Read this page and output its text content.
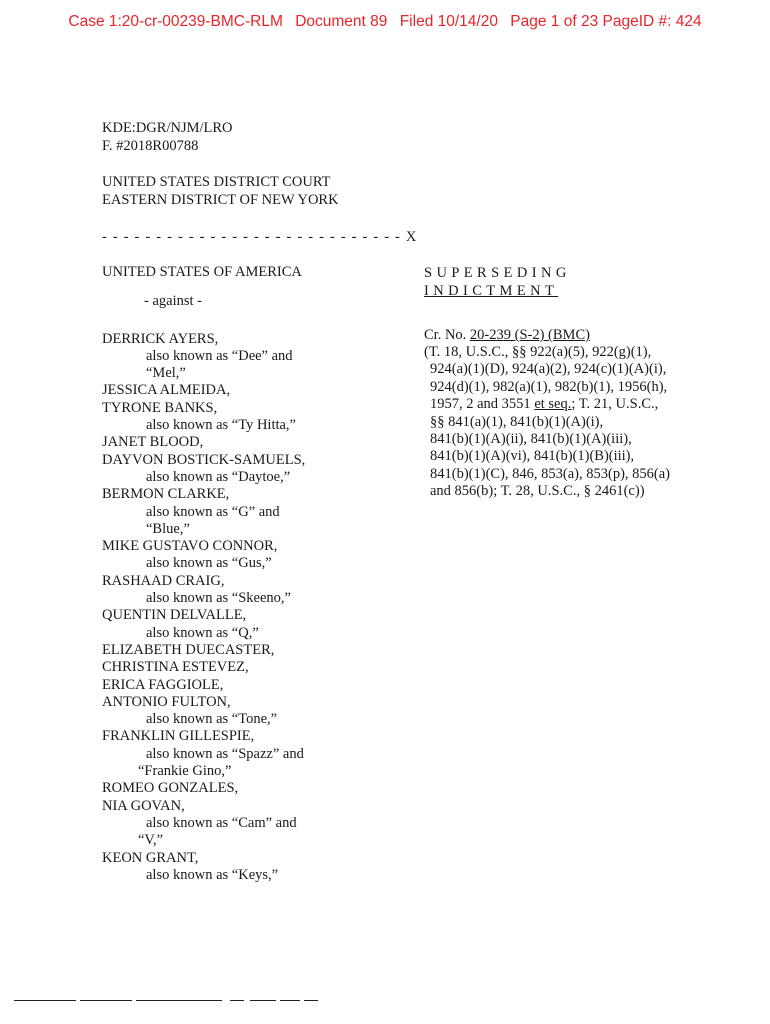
Case 1:20-cr-00239-BMC-RLM Document 89 Filed 10/14/20 Page 1 of 23 PageID #: 424
KDE:DGR/NJM/LRO
F. #2018R00788
UNITED STATES DISTRICT COURT
EASTERN DISTRICT OF NEW YORK
- - - - - - - - - - - - - - - - - - - - - - - - - - - - X
UNITED STATES OF AMERICA
- against -
DERRICK AYERS,
also known as “Dee” and
“Mel,”
JESSICA ALMEIDA,
TYRONE BANKS,
also known as “Ty Hitta,”
JANET BLOOD,
DAYVON BOSTICK-SAMUELS,
also known as “Daytoe,”
BERMON CLARKE,
also known as “G” and
“Blue,”
MIKE GUSTAVO CONNOR,
also known as “Gus,”
RASHAAD CRAIG,
also known as “Skeeno,”
QUENTIN DELVALLE,
also known as “Q,”
ELIZABETH DUECASTER,
CHRISTINA ESTEVEZ,
ERICA FAGGIOLE,
ANTONIO FULTON,
also known as “Tone,”
FRANKLIN GILLESPIE,
also known as “Spazz” and
“Frankie Gino,”
ROMEO GONZALES,
NIA GOVAN,
also known as “Cam” and
“V,”
KEON GRANT,
also known as “Keys,”
SUPERSEDING
INDICTMENT
Cr. No. 20-239 (S-2) (BMC)
(T. 18, U.S.C., §§ 922(a)(5), 922(g)(1),
924(a)(1)(D), 924(a)(2), 924(c)(1)(A)(i),
924(d)(1), 982(a)(1), 982(b)(1), 1956(h),
1957, 2 and 3551 et seq.; T. 21, U.S.C.,
§§ 841(a)(1), 841(b)(1)(A)(i),
841(b)(1)(A)(ii), 841(b)(1)(A)(iii),
841(b)(1)(A)(vi), 841(b)(1)(B)(iii),
841(b)(1)(C), 846, 853(a), 853(p), 856(a)
and 856(b); T. 28, U.S.C., § 2461(c))
